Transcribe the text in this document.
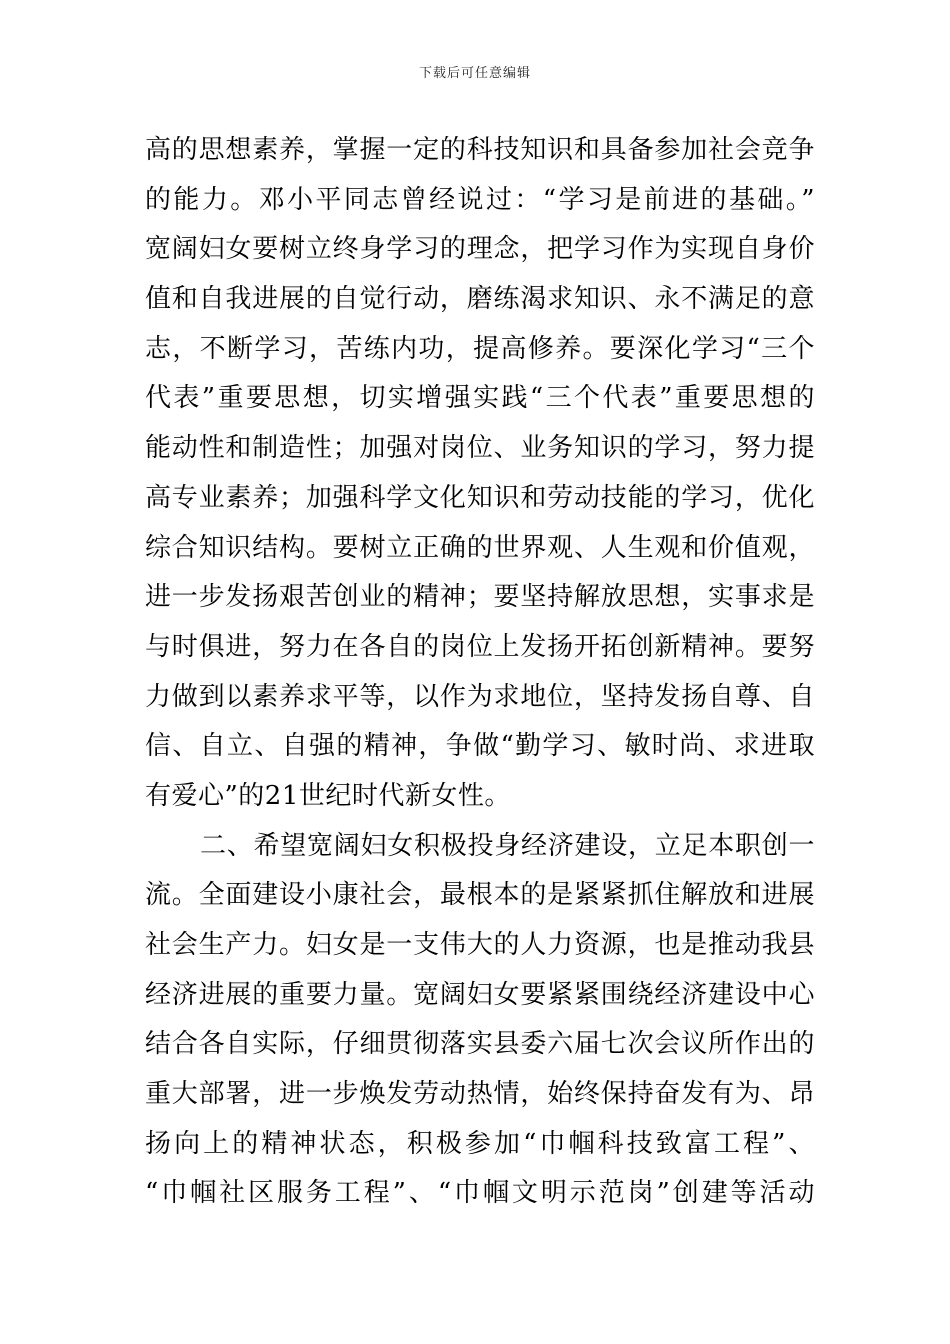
下载后可任意编辑
高的思想素养，掌握一定的科技知识和具备参加社会竞争
的能力。邓小平同志曾经说过：“学习是前进的基础。”
宽阔妇女要树立终身学习的理念，把学习作为实现自身价
值和自我进展的自觉行动，磨练渴求知识、永不满足的意
志，不断学习，苦练内功，提高修养。要深化学习“三个
代表”重要思想，切实增强实践“三个代表”重要思想的
能动性和制造性；加强对岗位、业务知识的学习，努力提
高专业素养；加强科学文化知识和劳动技能的学习，优化
综合知识结构。要树立正确的世界观、人生观和价值观，
进一步发扬艰苦创业的精神；要坚持解放思想，实事求是
与时俱进，努力在各自的岗位上发扬开拓创新精神。要努
力做到以素养求平等，以作为求地位，坚持发扬自尊、自
信、自立、自强的精神，争做“勤学习、敏时尚、求进取
有爱心”的21世纪时代新女性。
二、希望宽阔妇女积极投身经济建设，立足本职创一
流。全面建设小康社会，最根本的是紧紧抓住解放和进展
社会生产力。妇女是一支伟大的人力资源，也是推动我县
经济进展的重要力量。宽阔妇女要紧紧围绕经济建设中心
结合各自实际，仔细贯彻落实县委六届七次会议所作出的
重大部署，进一步焕发劳动热情，始终保持奋发有为、昂
扬向上的精神状态，积极参加“巾帼科技致富工程”、
“巾帼社区服务工程”、“巾帼文明示范岗”创建等活动
